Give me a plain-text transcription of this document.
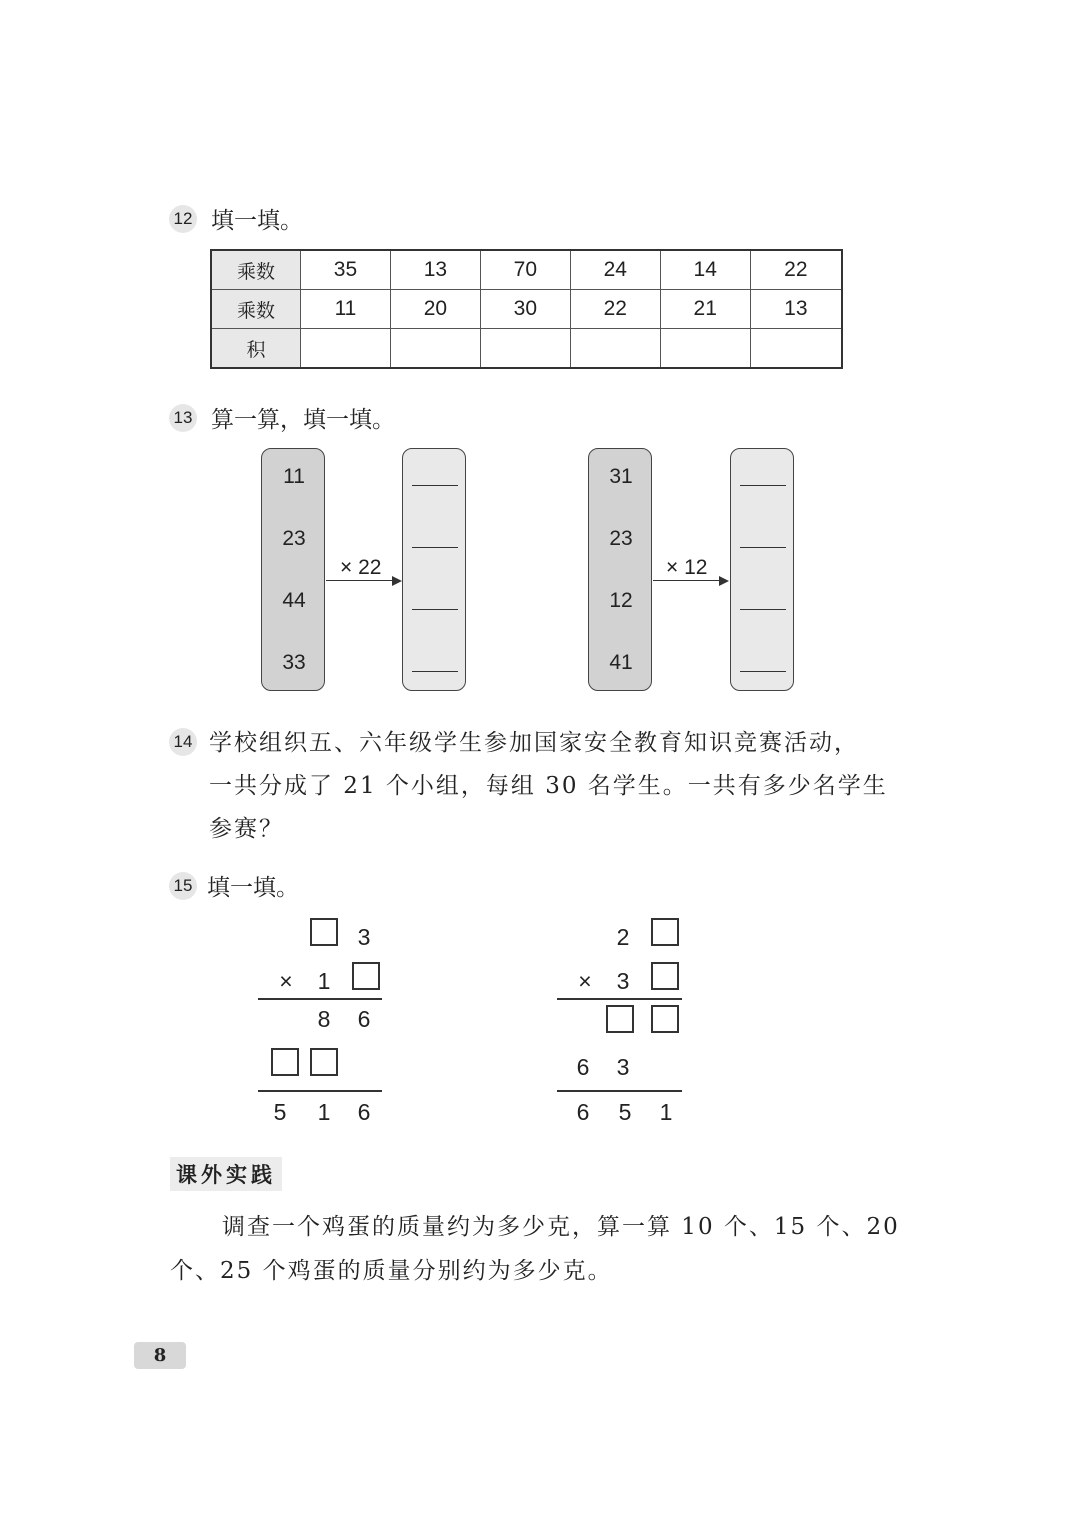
12 填一填。
乘数	35	13	70	24	14	22
乘数	11	20	30	22	21	13
积						
13 算一算，填一填。
11
23
44
33
× 22
31
23
12
41
× 12
14 学校组织五、六年级学生参加国家安全教育知识竞赛活动，
一共分成了 21 个小组，每组 30 名学生。一共有多少名学生
参赛？
15 填一填。
3
× 1
8 6
5 1 6
2
× 3
6 3
6 5 1
课外实践
调查一个鸡蛋的质量约为多少克，算一算 10 个、15 个、20
个、25 个鸡蛋的质量分别约为多少克。
8
